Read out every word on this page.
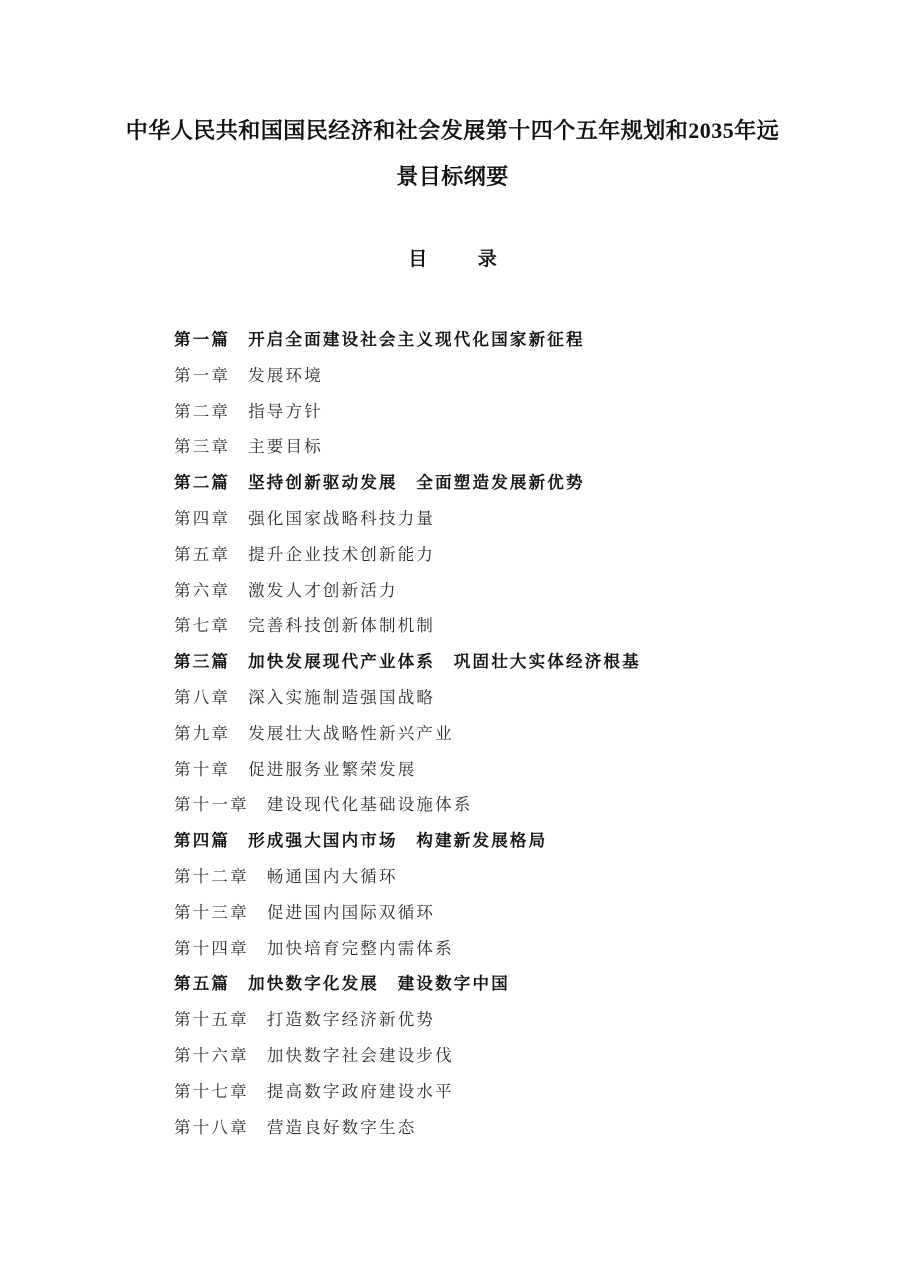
中华人民共和国国民经济和社会发展第十四个五年规划和2035年远
景目标纲要
目 录
第一篇 开启全面建设社会主义现代化国家新征程
第一章 发展环境
第二章 指导方针
第三章 主要目标
第二篇 坚持创新驱动发展　全面塑造发展新优势
第四章 强化国家战略科技力量
第五章 提升企业技术创新能力
第六章 激发人才创新活力
第七章 完善科技创新体制机制
第三篇 加快发展现代产业体系　巩固壮大实体经济根基
第八章 深入实施制造强国战略
第九章 发展壮大战略性新兴产业
第十章 促进服务业繁荣发展
第十一章 建设现代化基础设施体系
第四篇 形成强大国内市场　构建新发展格局
第十二章 畅通国内大循环
第十三章 促进国内国际双循环
第十四章 加快培育完整内需体系
第五篇 加快数字化发展　建设数字中国
第十五章 打造数字经济新优势
第十六章 加快数字社会建设步伐
第十七章 提高数字政府建设水平
第十八章 营造良好数字生态
